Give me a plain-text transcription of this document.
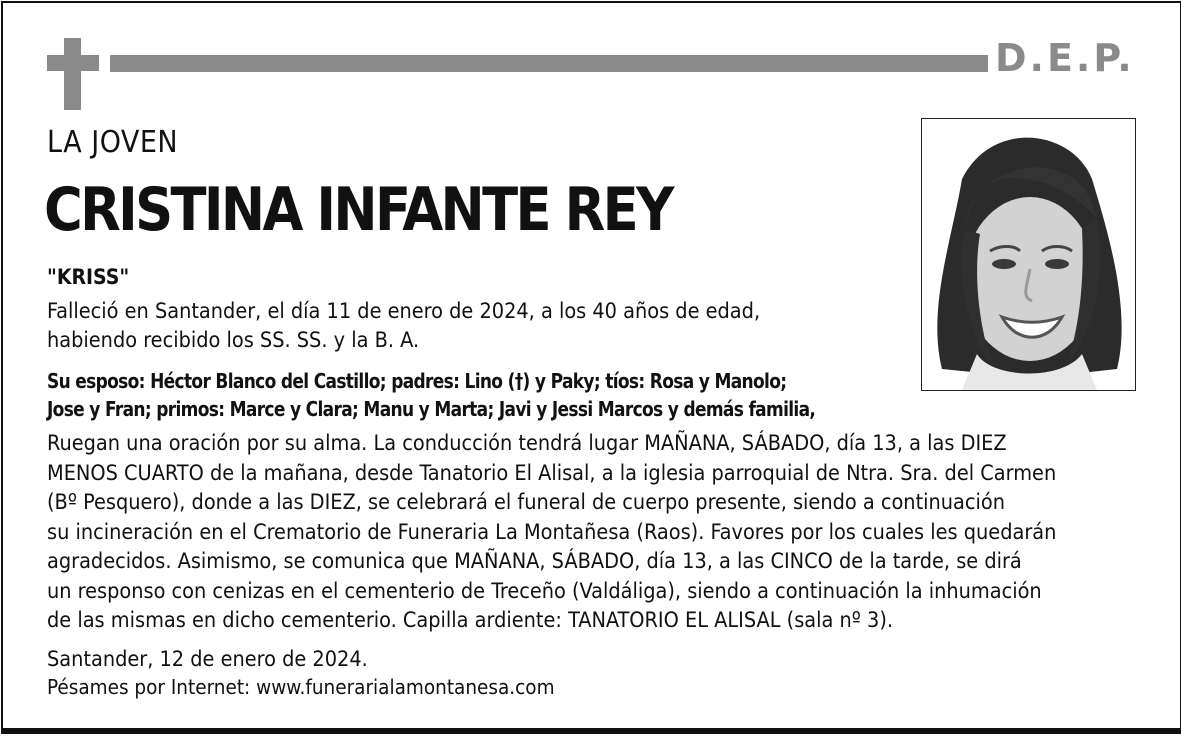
D.E.P.
LA JOVEN
CRISTINA INFANTE REY
"KRISS"
Falleció en Santander, el día 11 de enero de 2024, a los 40 años de edad,
habiendo recibido los SS. SS. y la B. A.
Su esposo: Héctor Blanco del Castillo; padres: Lino (†) y Paky; tíos: Rosa y Manolo;
Jose y Fran; primos: Marce y Clara; Manu y Marta; Javi y Jessi Marcos y demás familia,
Ruegan una oración por su alma. La conducción tendrá lugar MAÑANA, SÁBADO, día 13, a las DIEZ
MENOS CUARTO de la mañana, desde Tanatorio El Alisal, a la iglesia parroquial de Ntra. Sra. del Carmen
(Bº Pesquero), donde a las DIEZ, se celebrará el funeral de cuerpo presente, siendo a continuación
su incineración en el Crematorio de Funeraria La Montañesa (Raos). Favores por los cuales les quedarán
agradecidos. Asimismo, se comunica que MAÑANA, SÁBADO, día 13, a las CINCO de la tarde, se dirá
un responso con cenizas en el cementerio de Treceño (Valdáliga), siendo a continuación la inhumación
de las mismas en dicho cementerio. Capilla ardiente: TANATORIO EL ALISAL (sala nº 3).
Santander, 12 de enero de 2024.
Pésames por Internet: www.funerarialamontanesa.com
